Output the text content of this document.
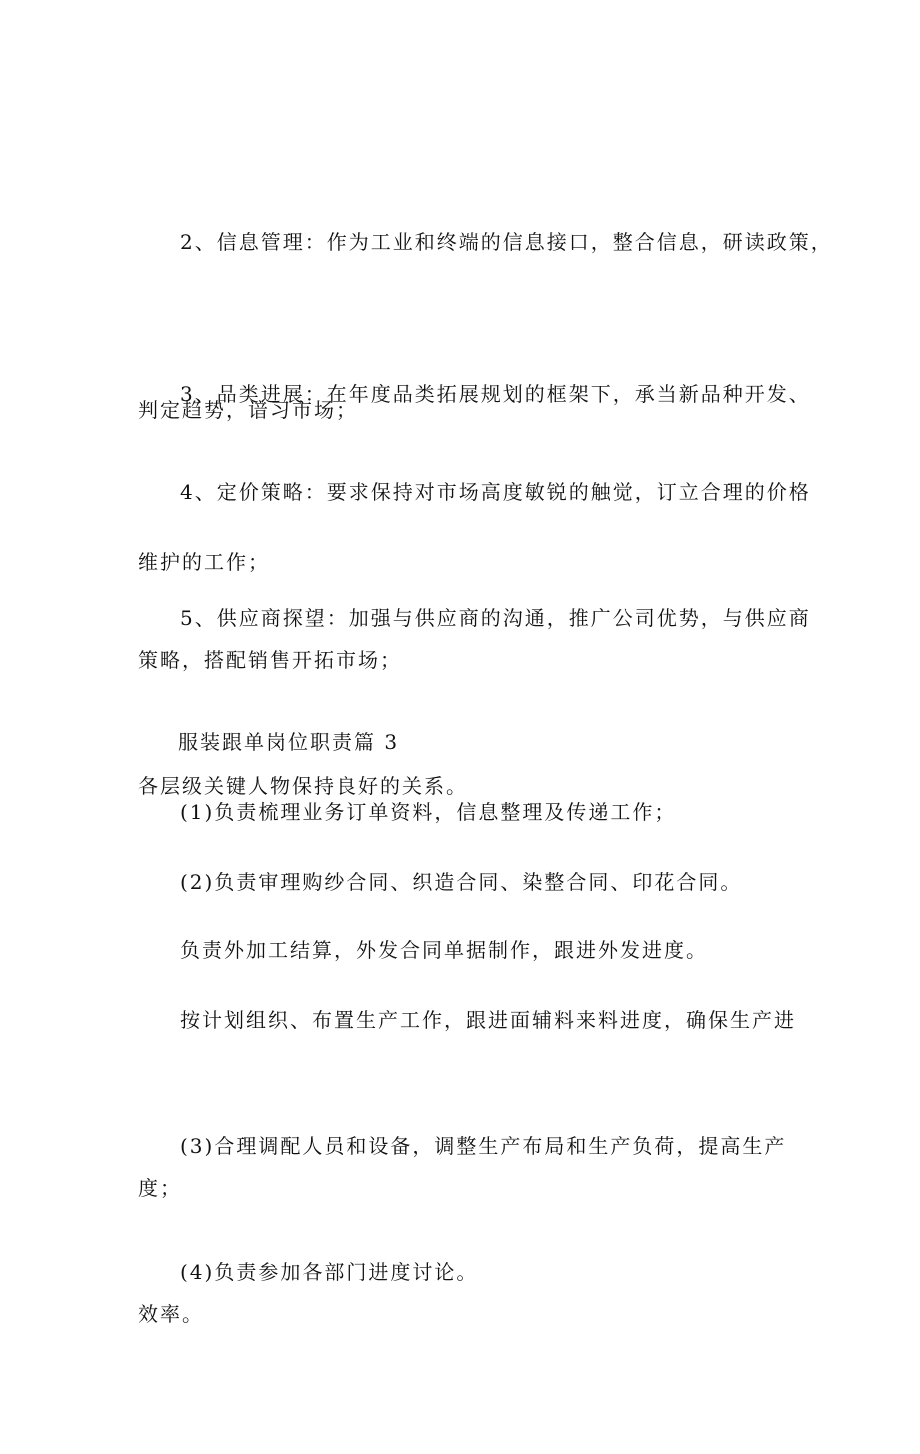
2、信息管理：作为工业和终端的信息接口，整合信息，研读政策，

判定趋势，谙习市场；

3、品类进展：在年度品类拓展规划的框架下，承当新品种开发、

维护的工作；

4、定价策略：要求保持对市场高度敏锐的触觉，订立合理的价格

策略，搭配销售开拓市场；

5、供应商探望：加强与供应商的沟通，推广公司优势，与供应商

各层级关键人物保持良好的关系。

服装跟单岗位职责篇 3

(1)负责梳理业务订单资料，信息整理及传递工作；

(2)负责审理购纱合同、织造合同、染整合同、印花合同。

负责外加工结算，外发合同单据制作，跟进外发进度。

按计划组织、布置生产工作，跟进面辅料来料进度，确保生产进

度；

(3)合理调配人员和设备，调整生产布局和生产负荷，提高生产

效率。

(4)负责参加各部门进度讨论。
